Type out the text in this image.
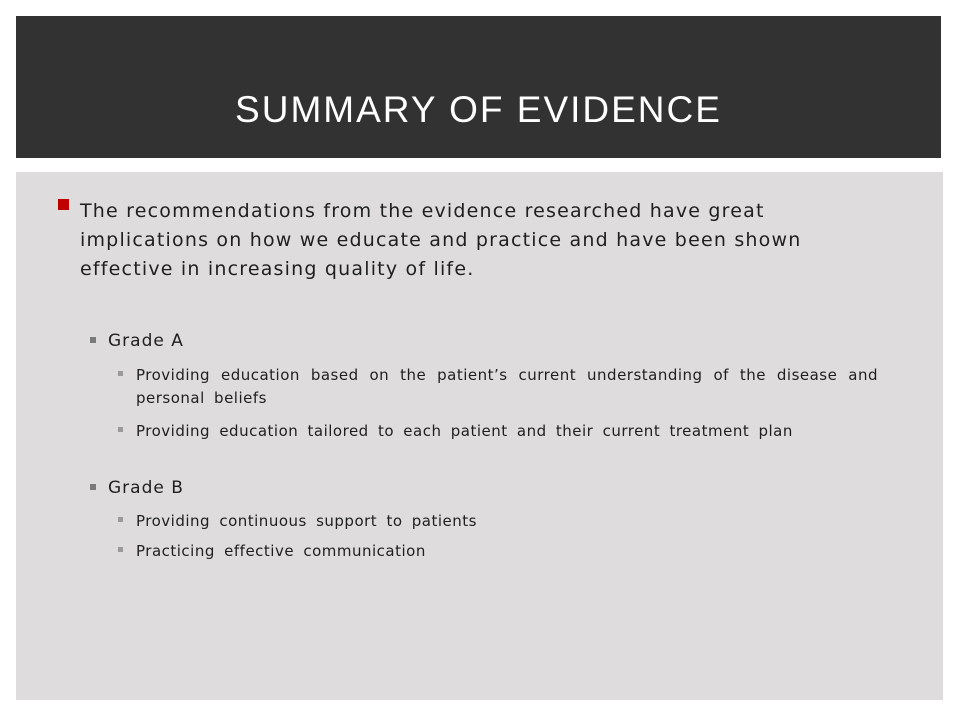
SUMMARY OF EVIDENCE

The recommendations from the evidence researched have great implications on how we educate and practice and have been shown effective in increasing quality of life.

Grade A

Providing education based on the patient’s current understanding of the disease and personal beliefs

Providing education tailored to each patient and their current treatment plan

Grade B

Providing continuous support to patients

Practicing effective communication
